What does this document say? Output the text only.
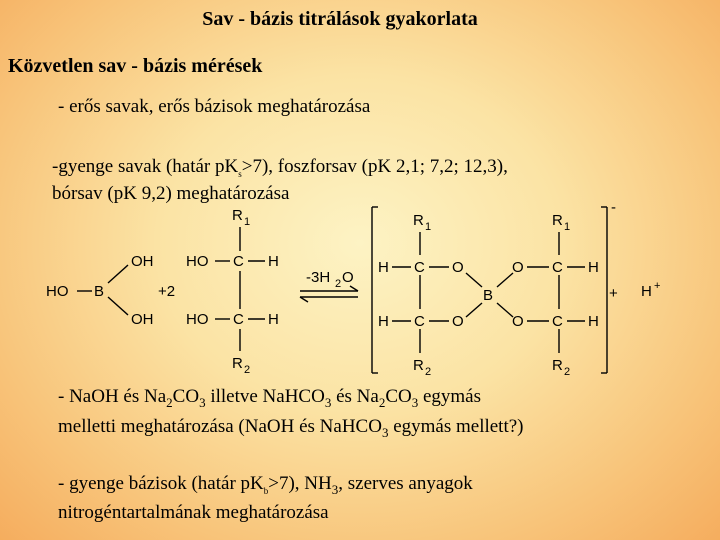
Sav - bázis titrálások gyakorlata
Közvetlen sav - bázis mérések
- erős savak, erős bázisok meghatározása
-gyenge savak (határ $pK_s>7$), foszforsav (pK 2,1; 7,2; 12,3),
bórsav (pK 9,2) meghatározása
HO B
OH
OH
+2
R 1
HO C H
HO C H
R 2
-3H 2 O
-
R 1
H C O
H C O
R 2
B
O C H
O C H
R 1
R 2
+ H +
- NaOH és $Na_2CO_3$ illetve NaHCO$_3$ és $Na_2CO_3$ egymás
melletti meghatározása (NaOH és NaHCO$_3$ egymás mellett?)
- gyenge bázisok (határ $pK_b>7$), $NH_3$, szerves anyagok
nitrogéntartalmának meghatározása
